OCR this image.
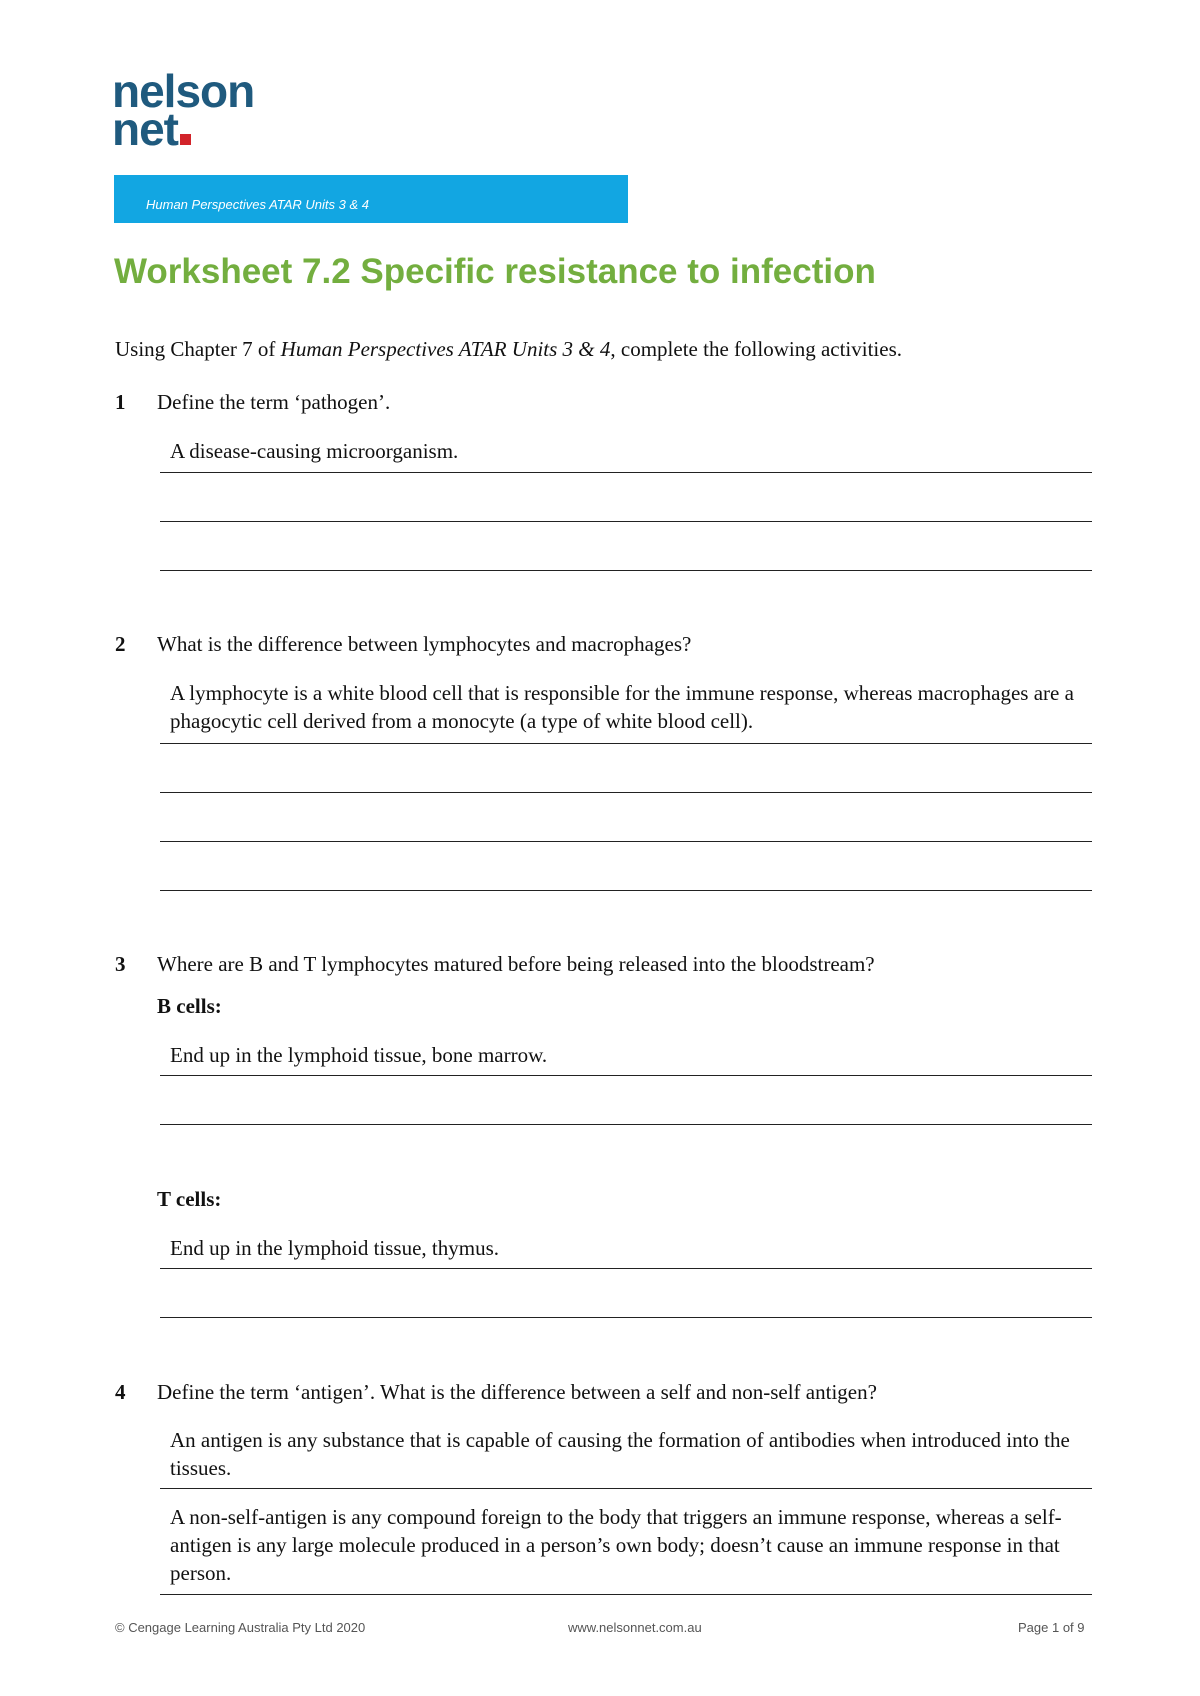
nelson
net
Human Perspectives ATAR Units 3 & 4
Worksheet 7.2 Specific resistance to infection
Using Chapter 7 of Human Perspectives ATAR Units 3 & 4, complete the following activities.
1 Define the term ‘pathogen’.
A disease-causing microorganism.
2 What is the difference between lymphocytes and macrophages?
A lymphocyte is a white blood cell that is responsible for the immune response, whereas macrophages are a phagocytic cell derived from a monocyte (a type of white blood cell).
3 Where are B and T lymphocytes matured before being released into the bloodstream?
B cells:
End up in the lymphoid tissue, bone marrow.
T cells:
End up in the lymphoid tissue, thymus.
4 Define the term ‘antigen’. What is the difference between a self and non-self antigen?
An antigen is any substance that is capable of causing the formation of antibodies when introduced into the tissues.
A non-self-antigen is any compound foreign to the body that triggers an immune response, whereas a self-antigen is any large molecule produced in a person’s own body; doesn’t cause an immune response in that person.
© Cengage Learning Australia Pty Ltd 2020	www.nelsonnet.com.au	Page 1 of 9
